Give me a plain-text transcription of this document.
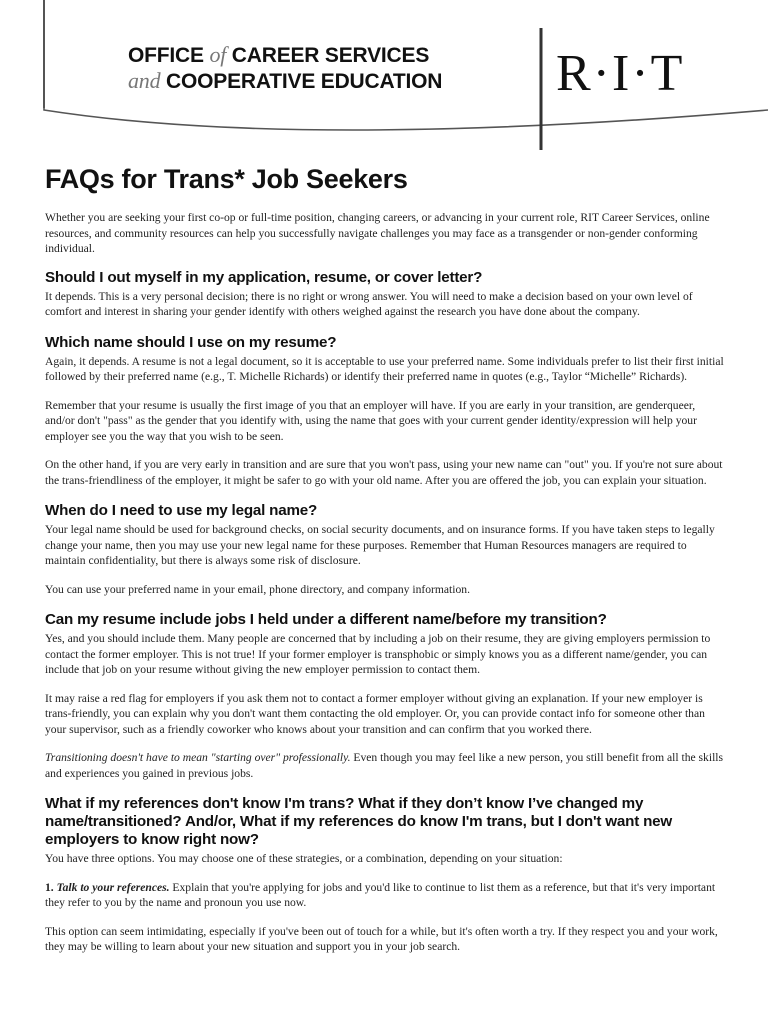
OFFICE of CAREER SERVICES
and COOPERATIVE EDUCATION R·I·T
FAQs for Trans* Job Seekers

Whether you are seeking your first co-op or full-time position, changing careers, or advancing in your current role, RIT Career Services, online resources, and community resources can help you successfully navigate challenges you may face as a transgender or non-gender conforming individual.

Should I out myself in my application, resume, or cover letter?

It depends. This is a very personal decision; there is no right or wrong answer. You will need to make a decision based on your own level of comfort and interest in sharing your gender identify with others weighed against the research you have done about the company.

Which name should I use on my resume?

Again, it depends. A resume is not a legal document, so it is acceptable to use your preferred name. Some individuals prefer to list their first initial followed by their preferred name (e.g., T. Michelle Richards) or identify their preferred name in quotes (e.g., Taylor “Michelle” Richards).

Remember that your resume is usually the first image of you that an employer will have. If you are early in your transition, are genderqueer, and/or don't "pass" as the gender that you identify with, using the name that goes with your current gender identity/expression will help your employer see you the way that you wish to be seen.

On the other hand, if you are very early in transition and are sure that you won't pass, using your new name can "out" you. If you're not sure about the trans-friendliness of the employer, it might be safer to go with your old name. After you are offered the job, you can explain your situation.

When do I need to use my legal name?

Your legal name should be used for background checks, on social security documents, and on insurance forms. If you have taken steps to legally change your name, then you may use your new legal name for these purposes. Remember that Human Resources managers are required to maintain confidentiality, but there is always some risk of disclosure.

You can use your preferred name in your email, phone directory, and company information.

Can my resume include jobs I held under a different name/before my transition?

Yes, and you should include them. Many people are concerned that by including a job on their resume, they are giving employers permission to contact the former employer. This is not true! If your former employer is transphobic or simply knows you as a different name/gender, you can include that job on your resume without giving the new employer permission to contact them.

It may raise a red flag for employers if you ask them not to contact a former employer without giving an explanation. If your new employer is trans-friendly, you can explain why you don't want them contacting the old employer. Or, you can provide contact info for someone other than your supervisor, such as a friendly coworker who knows about your transition and can confirm that you worked there.

Transitioning doesn't have to mean "starting over" professionally. Even though you may feel like a new person, you still benefit from all the skills and experiences you gained in previous jobs.

What if my references don't know I'm trans? What if they don’t know I’ve changed my name/transitioned? And/or, What if my references do know I'm trans, but I don't want new employers to know right now?

You have three options. You may choose one of these strategies, or a combination, depending on your situation:

1. Talk to your references. Explain that you're applying for jobs and you'd like to continue to list them as a reference, but that it's very important they refer to you by the name and pronoun you use now.

This option can seem intimidating, especially if you've been out of touch for a while, but it's often worth a try. If they respect you and your work, they may be willing to learn about your new situation and support you in your job search.
